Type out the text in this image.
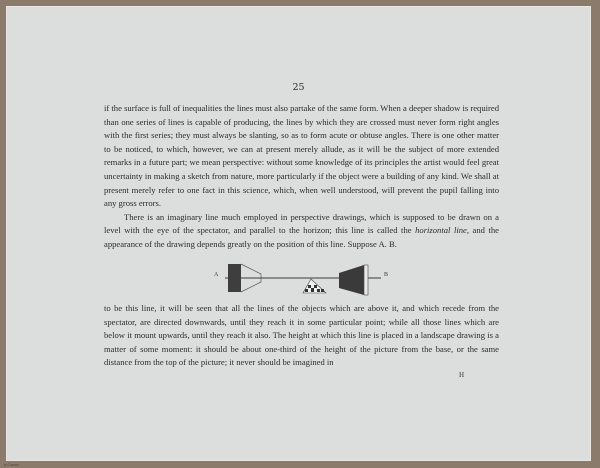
25

if the surface is full of inequalities the lines must also partake of the same form. When a deeper shadow is required than one series of lines is capable of producing, the lines by which they are crossed must never form right angles with the first series; they must always be slanting, so as to form acute or obtuse angles. There is one other matter to be noticed, to which, however, we can at present merely allude, as it will be the subject of more extended remarks in a future part; we mean perspective: without some knowledge of its principles the artist would feel great uncertainty in making a sketch from nature, more particularly if the object were a building of any kind. We shall at present merely refer to one fact in this science, which, when well understood, will prevent the pupil falling into any gross errors.

There is an imaginary line much employed in perspective drawings, which is supposed to be drawn on a level with the eye of the spectator, and parallel to the horizon; this line is called the horizontal line, and the appearance of the drawing depends greatly on the position of this line. Suppose A. B.

A	B

to be this line, it will be seen that all the lines of the objects which are above it, and which recede from the spectator, are directed downwards, until they reach it in some particular point; while all those lines which are below it mount upwards, until they reach it also. The height at which this line is placed in a landscape drawing is a matter of some moment: it should be about one-third of the height of the picture from the base, or the same distance from the top of the picture; it never should be imagined in

H
a-Canon
